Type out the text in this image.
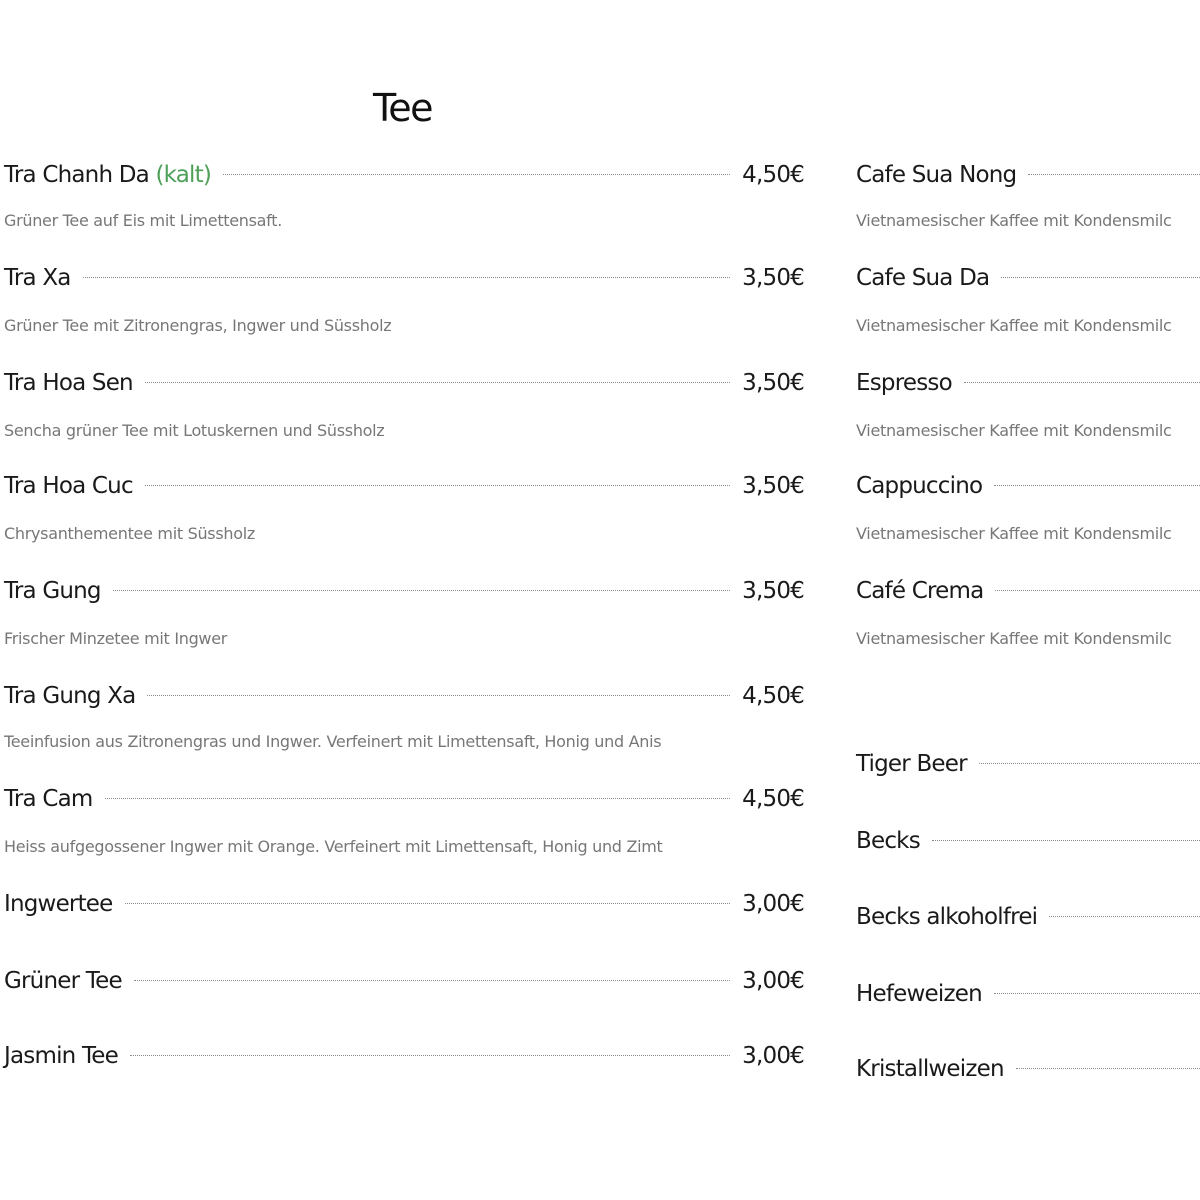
Tee
Tra Chanh Da (kalt)	4,50€

Grüner Tee auf Eis mit Limettensaft.

Tra Xa	3,50€

Grüner Tee mit Zitronengras, Ingwer und Süssholz

Tra Hoa Sen	3,50€

Sencha grüner Tee mit Lotuskernen und Süssholz

Tra Hoa Cuc	3,50€

Chrysanthementee mit Süssholz

Tra Gung	3,50€

Frischer Minzetee mit Ingwer

Tra Gung Xa	4,50€

Teeinfusion aus Zitronengras und Ingwer. Verfeinert mit Limettensaft, Honig und Anis

Tra Cam	4,50€

Heiss aufgegossener Ingwer mit Orange. Verfeinert mit Limettensaft, Honig und Zimt

Ingwertee	3,00€
Grüner Tee	3,00€
Jasmin Tee	3,00€
Cafe Sua Nong

Vietnamesischer Kaffee mit Kondensmilc

Cafe Sua Da

Vietnamesischer Kaffee mit Kondensmilc

Espresso

Vietnamesischer Kaffee mit Kondensmilc

Cappuccino

Vietnamesischer Kaffee mit Kondensmilc

Café Crema

Vietnamesischer Kaffee mit Kondensmilc

Tiger Beer
Becks
Becks alkoholfrei
Hefeweizen
Kristallweizen
